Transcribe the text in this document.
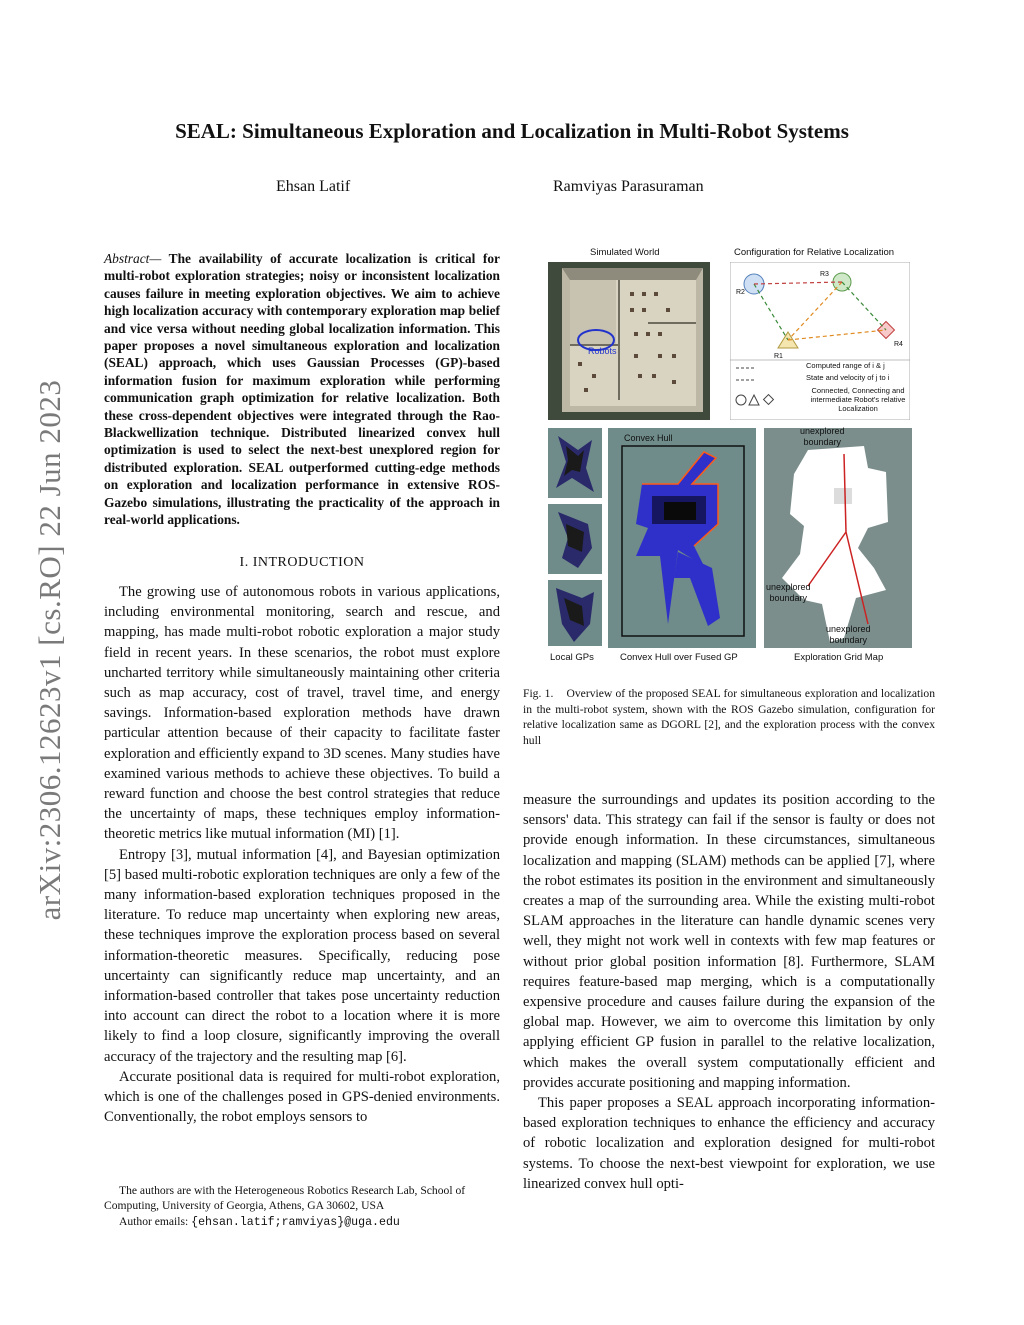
arXiv:2306.12623v1 [cs.RO] 22 Jun 2023
SEAL: Simultaneous Exploration and Localization in Multi-Robot Systems
Ehsan Latif	Ramviyas Parasuraman
Abstract— The availability of accurate localization is critical for multi-robot exploration strategies; noisy or inconsistent localization causes failure in meeting exploration objectives. We aim to achieve high localization accuracy with contemporary exploration map belief and vice versa without needing global localization information. This paper proposes a novel simultaneous exploration and localization (SEAL) approach, which uses Gaussian Processes (GP)-based information fusion for maximum exploration while performing communication graph optimization for relative localization. Both these cross-dependent objectives were integrated through the Rao-Blackwellization technique. Distributed linearized convex hull optimization is used to select the next-best unexplored region for distributed exploration. SEAL outperformed cutting-edge methods on exploration and localization performance in extensive ROS-Gazebo simulations, illustrating the practicality of the approach in real-world applications.
I. INTRODUCTION

The growing use of autonomous robots in various applications, including environmental monitoring, search and rescue, and mapping, has made multi-robot robotic exploration a major study field in recent years. In these scenarios, the robot must explore uncharted territory while simultaneously maintaining other criteria such as map accuracy, cost of travel, travel time, and energy savings. Information-based exploration methods have drawn particular attention because of their capacity to facilitate faster exploration and efficiently expand to 3D scenes. Many studies have examined various methods to achieve these objectives. To build a reward function and choose the best control strategies that reduce the uncertainty of maps, these techniques employ information-theoretic metrics like mutual information (MI) [1].

Entropy [3], mutual information [4], and Bayesian optimization [5] based multi-robotic exploration techniques are only a few of the many information-based exploration techniques proposed in the literature. To reduce map uncertainty when exploring new areas, these techniques improve the exploration process based on several information-theoretic measures. Specifically, reducing pose uncertainty can significantly reduce map uncertainty, and an information-based controller that takes pose uncertainty reduction into account can direct the robot to a location where it is more likely to find a loop closure, significantly improving the overall accuracy of the trajectory and the resulting map [6].

Accurate positional data is required for multi-robot exploration, which is one of the challenges posed in GPS-denied environments. Conventionally, the robot employs sensors to

The authors are with the Heterogeneous Robotics Research Lab, School of Computing, University of Georgia, Athens, GA 30602, USA
Author emails: {ehsan.latif;ramviyas}@uga.edu
Simulated World	Configuration for Relative Localization
Robots
R2
R1
R3
R4
Computed range of i & j
State and velocity of j to i
Connected, Connecting and intermediate Robot's relative Localization
Convex Hull
unexplored
boundary
unexplored
boundary
unexplored
boundary
Local GPs	Convex Hull over Fused GP	Exploration Grid Map
Fig. 1. Overview of the proposed SEAL for simultaneous exploration and localization in the multi-robot system, shown with the ROS Gazebo simulation, configuration for relative localization same as DGORL [2], and the exploration process with the convex hull

measure the surroundings and updates its position according to the sensors' data. This strategy can fail if the sensor is faulty or does not provide enough information. In these circumstances, simultaneous localization and mapping (SLAM) methods can be applied [7], where the robot estimates its position in the environment and simultaneously creates a map of the surrounding area. While the existing multi-robot SLAM approaches in the literature can handle dynamic scenes very well, they might not work well in contexts with few map features or without prior global position information [8]. Furthermore, SLAM requires feature-based map merging, which is a computationally expensive procedure and causes failure during the expansion of the global map. However, we aim to overcome this limitation by only applying efficient GP fusion in parallel to the relative localization, which makes the overall system computationally efficient and provides accurate positioning and mapping information.

This paper proposes a SEAL approach incorporating information-based exploration techniques to enhance the efficiency and accuracy of robotic localization and exploration designed for multi-robot systems. To choose the next-best viewpoint for exploration, we use linearized convex hull opti-
